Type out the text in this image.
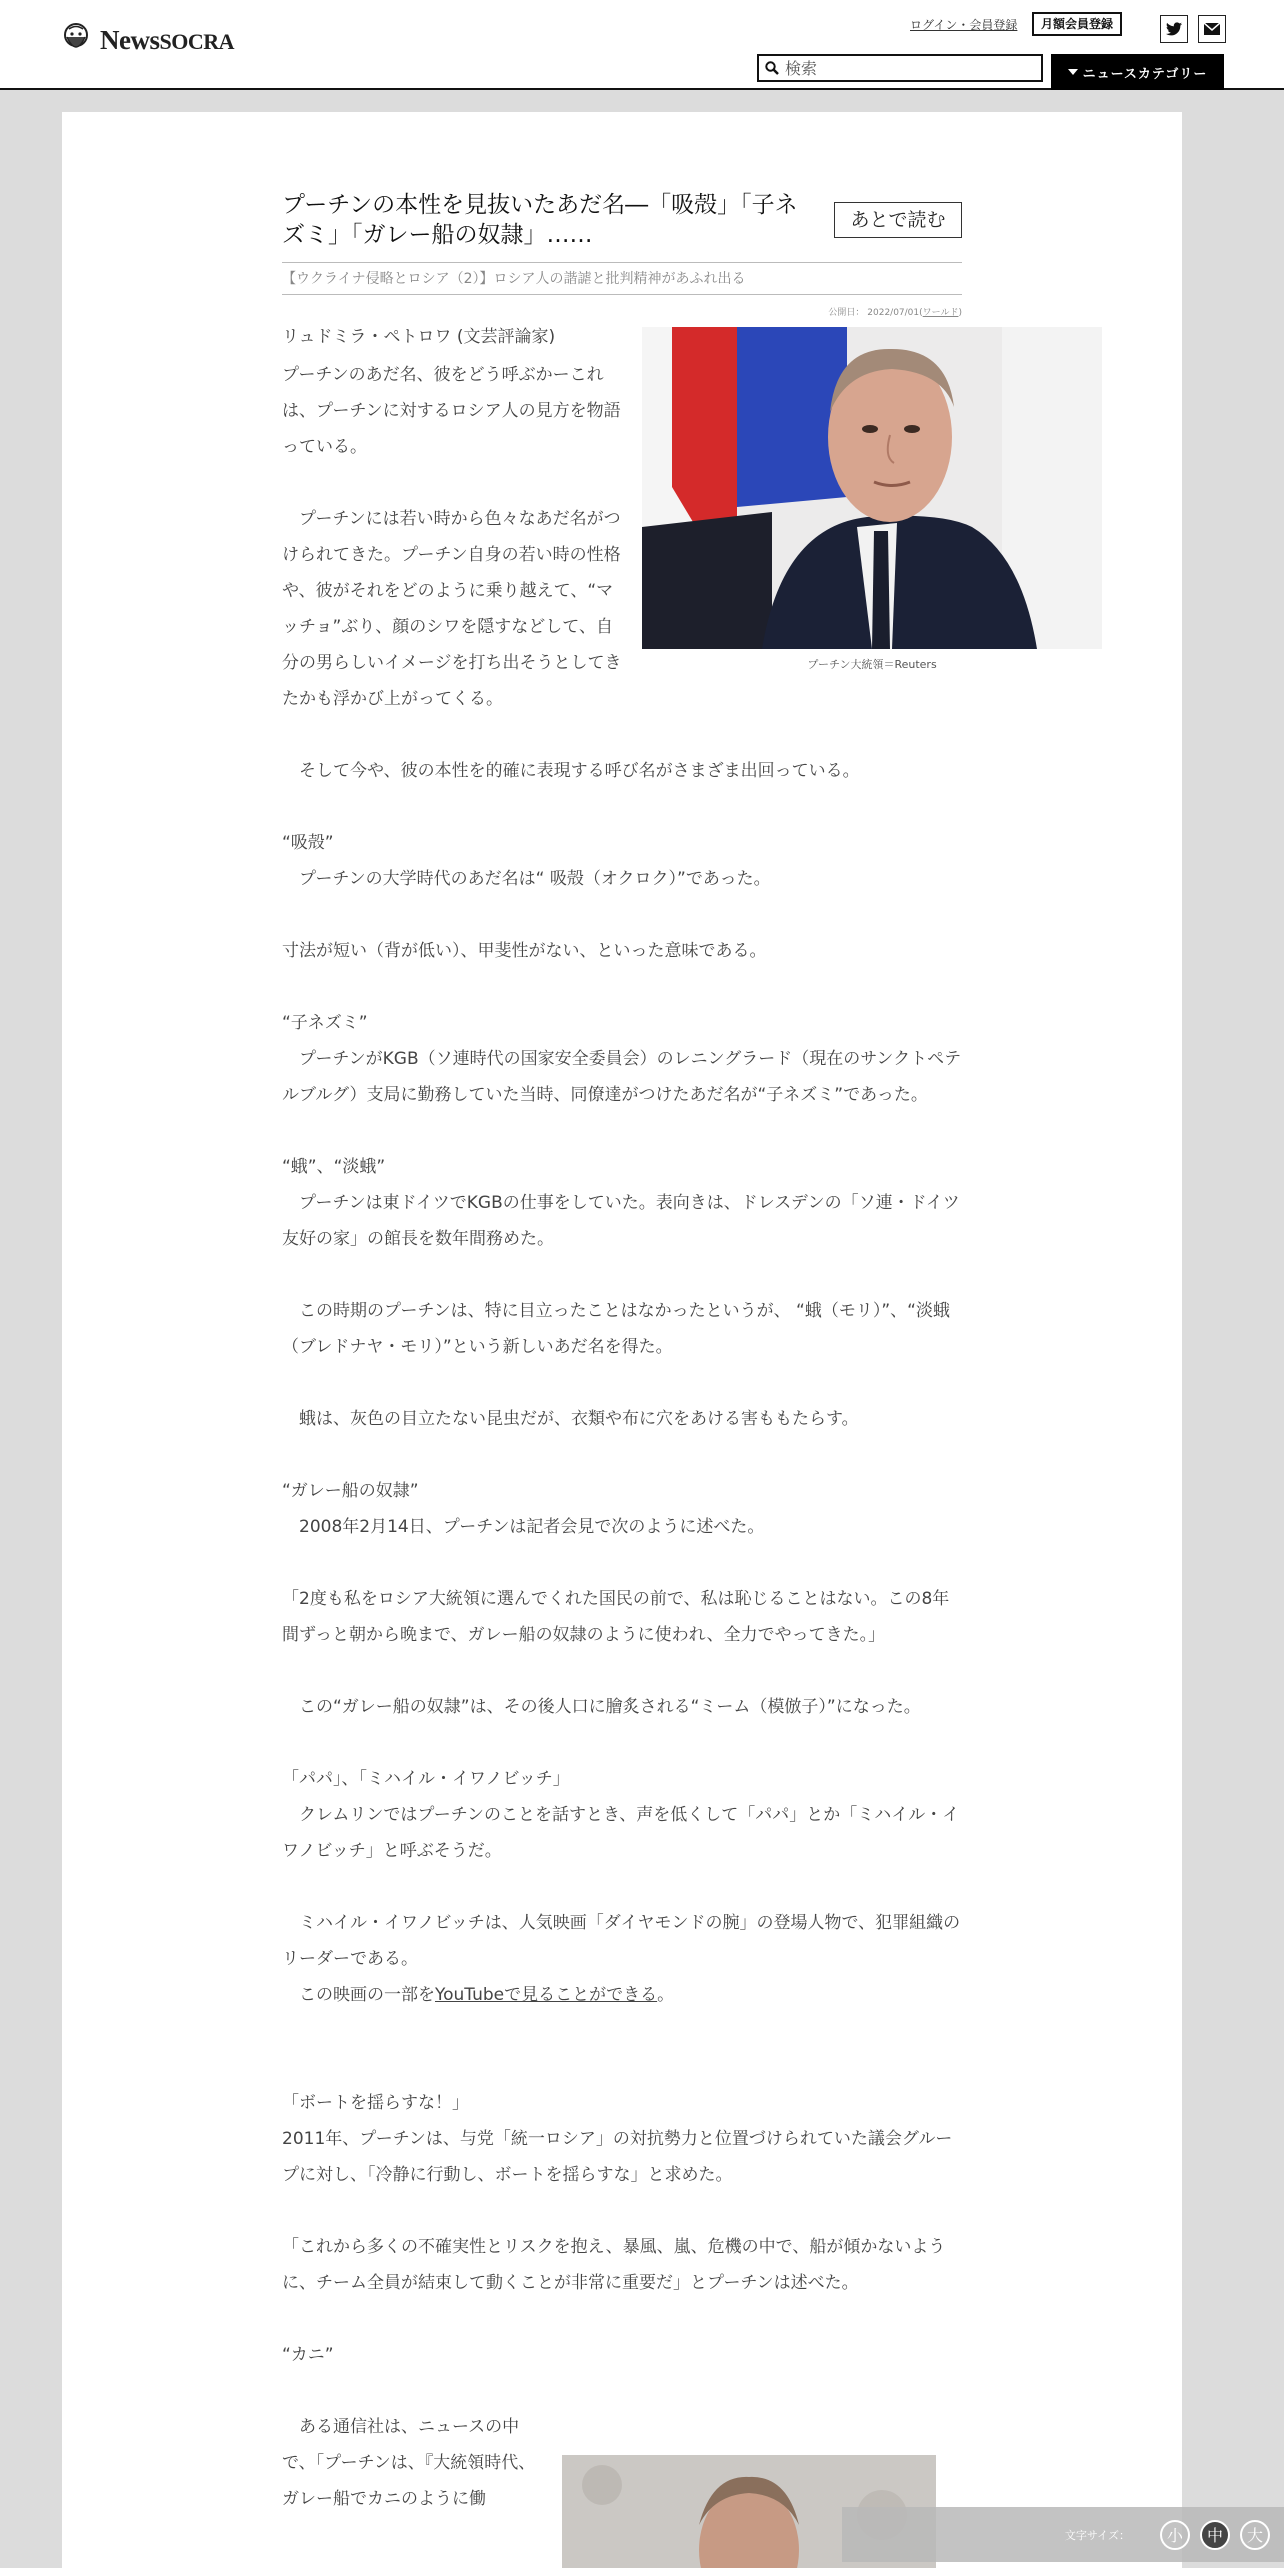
NewsSOCRA
ログイン・会員登録	月額会員登録
検索
ニュースカテゴリー
プーチンの本性を見抜いたあだ名―「吸殻」「子ネズミ」「ガレー船の奴隷」……
あとで読む
【ウクライナ侵略とロシア（2）】ロシア人の諧謔と批判精神があふれ出る
公開日： 2022/07/01(ワールド)
リュドミラ・ペトロワ (文芸評論家)
プーチンのあだ名、彼をどう呼ぶかーこれは、プーチンに対するロシア人の見方を物語っている。
　プーチンには若い時から色々なあだ名がつけられてきた。プーチン自身の若い時の性格や、彼がそれをどのように乗り越えて、“マッチョ”ぶり、顔のシワを隠すなどして、自分の男らしいイメージを打ち出そうとしてきたかも浮かび上がってくる。
　そして今や、彼の本性を的確に表現する呼び名がさまざま出回っている。
“吸殻”
　プーチンの大学時代のあだ名は“ 吸殻（オクロク）”であった。
寸法が短い（背が低い）、甲斐性がない、といった意味である。
“子ネズミ”
　プーチンがKGB（ソ連時代の国家安全委員会）のレニングラード（現在のサンクトペテルブルグ）支局に勤務していた当時、同僚達がつけたあだ名が“子ネズミ”であった。
“蛾”、“淡蛾”
　プーチンは東ドイツでKGBの仕事をしていた。表向きは、ドレスデンの「ソ連・ドイツ友好の家」の館長を数年間務めた。
　この時期のプーチンは、特に目立ったことはなかったというが、 “蛾（モリ）”、“淡蛾（ブレドナヤ・モリ）”という新しいあだ名を得た。
　蛾は、灰色の目立たない昆虫だが、衣類や布に穴をあける害ももたらす。
“ガレー船の奴隷”
　2008年2月14日、プーチンは記者会見で次のように述べた。
「2度も私をロシア大統領に選んでくれた国民の前で、私は恥じることはない。この8年間ずっと朝から晩まで、ガレー船の奴隷のように使われ、全力でやってきた。」
　この“ガレー船の奴隷”は、その後人口に膾炙される“ミーム（模倣子）”になった。
「パパ」、「ミハイル・イワノビッチ」
　クレムリンではプーチンのことを話すとき、声を低くして「パパ」とか「ミハイル・イワノビッチ」と呼ぶそうだ。
　ミハイル・イワノビッチは、人気映画「ダイヤモンドの腕」の登場人物で、犯罪組織のリーダーである。
　この映画の一部をYouTubeで見ることができる。
「ボートを揺らすな！」
2011年、プーチンは、与党「統一ロシア」の対抗勢力と位置づけられていた議会グループに対し、「冷静に行動し、ボートを揺らすな」と求めた。
「これから多くの不確実性とリスクを抱え、暴風、嵐、危機の中で、船が傾かないように、チーム全員が結束して動くことが非常に重要だ」とプーチンは述べた。
“カニ”
　ある通信社は、ニュースの中で、「プーチンは、『大統領時代、ガレー船でカニのように働
プーチン大統領＝Reuters
文字サイズ：	小	中	大
